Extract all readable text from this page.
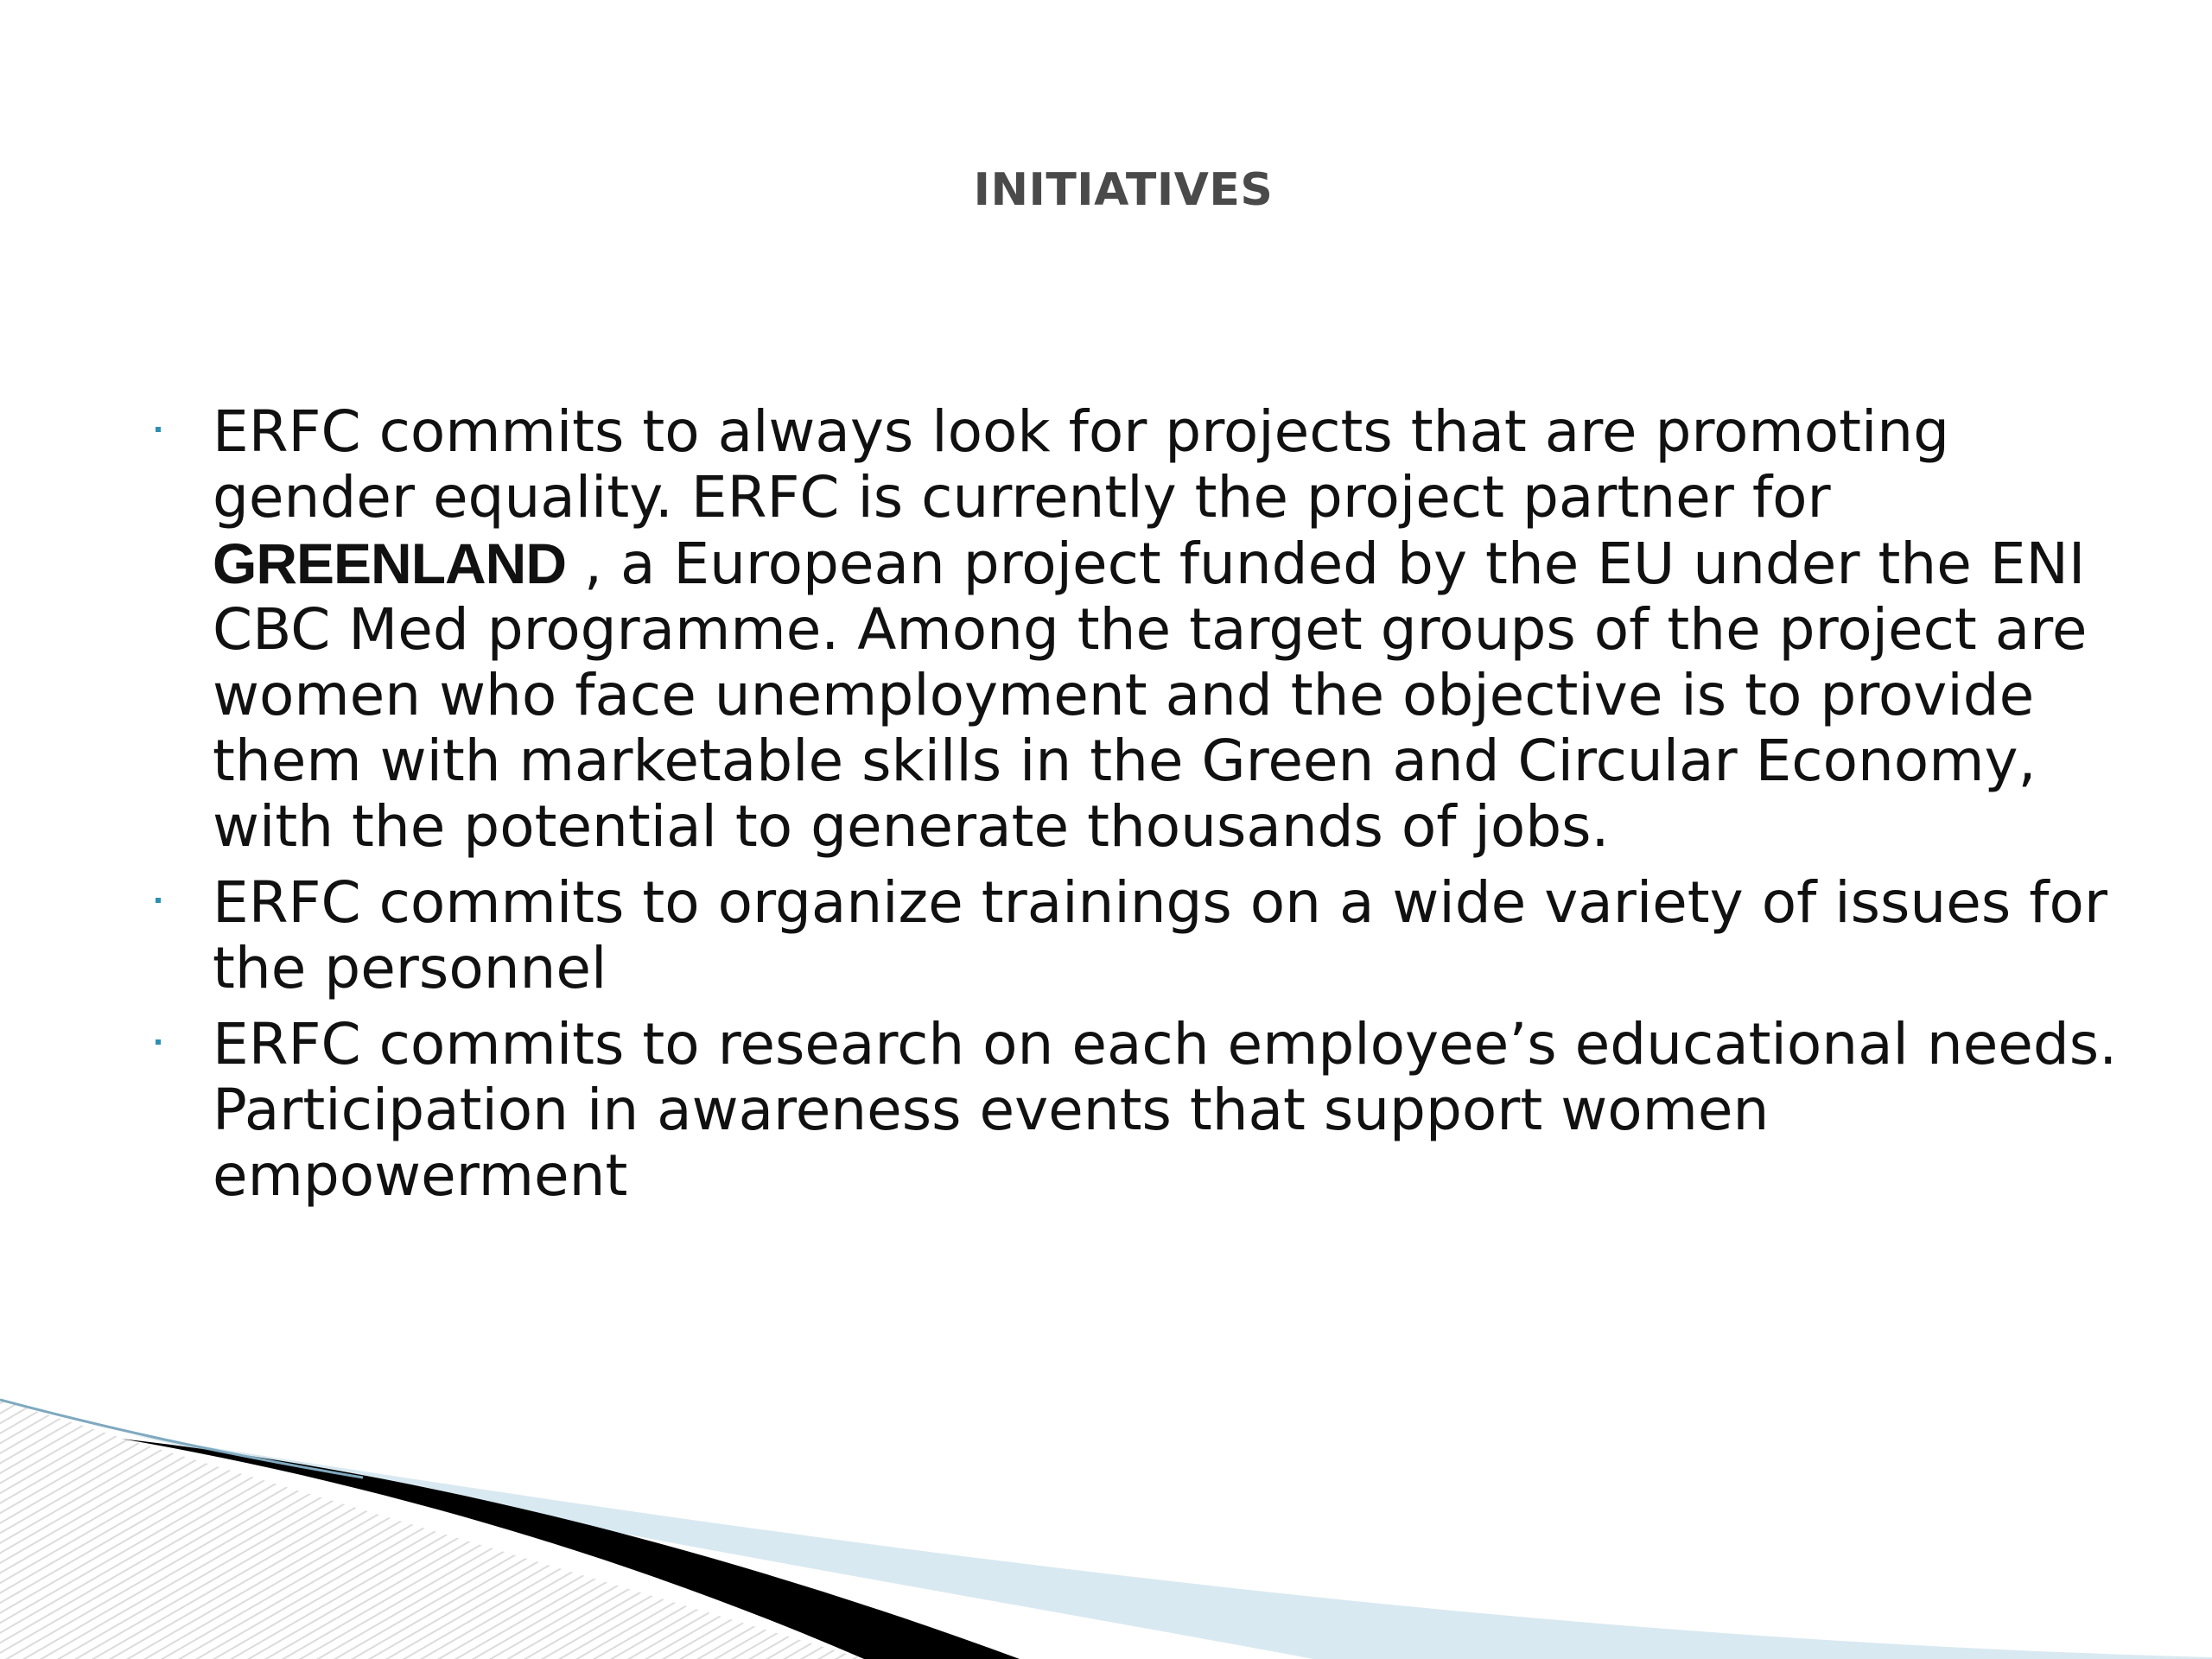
INITIATIVES
ERFC commits to always look for projects that are promoting gender equality. ERFC is currently the project partner for GREENLAND , a European project funded by the EU under the ENI CBC Med programme. Among the target groups of the project are women who face unemployment and the objective is to provide them with marketable skills in the Green and Circular Economy, with the potential to generate thousands of jobs.
ERFC commits to organize trainings on a wide variety of issues for the personnel
ERFC commits to research on each employee’s educational needs. Participation in awareness events that support women empowerment
